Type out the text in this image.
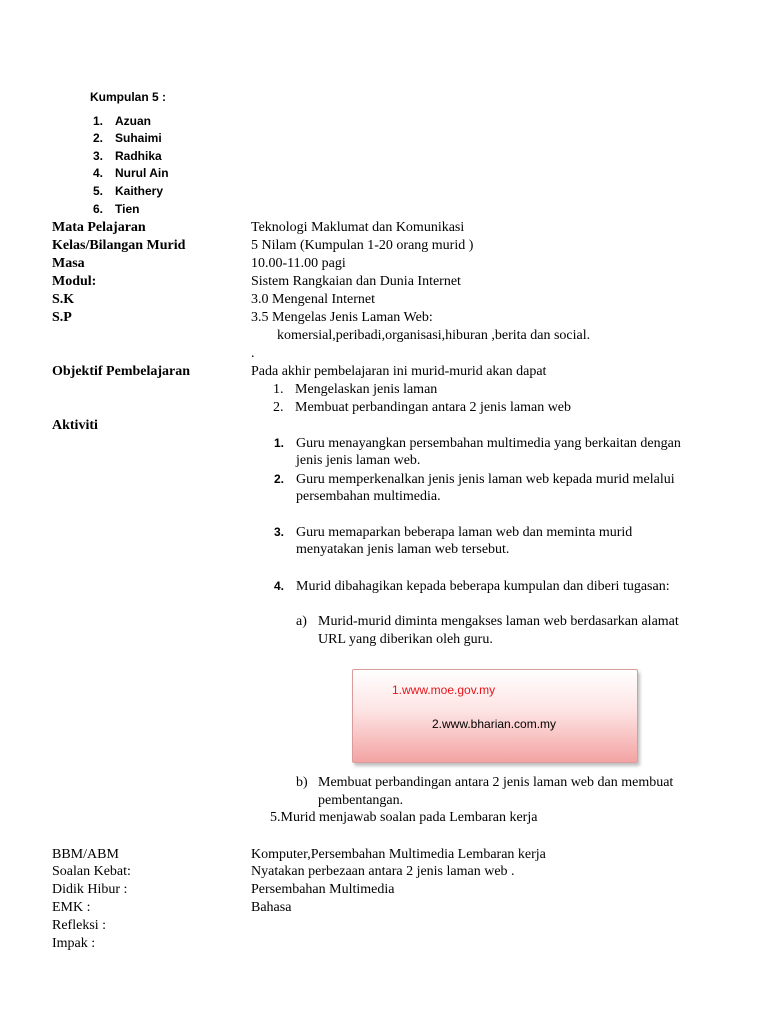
Kumpulan 5 :
1. Azuan
2. Suhaimi
3. Radhika
4. Nurul Ain
5. Kaithery
6. Tien
Mata Pelajaran	Teknologi Maklumat dan Komunikasi
Kelas/Bilangan Murid	5 Nilam (Kumpulan 1-20 orang murid )
Masa	10.00-11.00 pagi
Modul:	Sistem Rangkaian dan Dunia Internet
S.K	3.0 Mengenal Internet
S.P	3.5 Mengelas Jenis Laman Web:
komersial,peribadi,organisasi,hiburan ,berita dan social.
.
Objektif Pembelajaran	Pada akhir pembelajaran ini murid-murid akan dapat
1. Mengelaskan jenis laman
2. Membuat perbandingan antara 2 jenis laman web
Aktiviti
1. Guru menayangkan persembahan multimedia yang berkaitan dengan
jenis jenis laman web.
2. Guru memperkenalkan jenis jenis laman web kepada murid melalui
persembahan multimedia.
3. Guru memaparkan beberapa laman web dan meminta murid
menyatakan jenis laman web tersebut.
4. Murid dibahagikan kepada beberapa kumpulan dan diberi tugasan:
a) Murid-murid diminta mengakses laman web berdasarkan alamat
URL yang diberikan oleh guru.
1.www.moe.gov.my
2.www.bharian.com.my
b) Membuat perbandingan antara 2 jenis laman web dan membuat
pembentangan.
5.Murid menjawab soalan pada Lembaran kerja
BBM/ABM	Komputer,Persembahan Multimedia Lembaran kerja
Soalan Kebat:	Nyatakan perbezaan antara 2 jenis laman web .
Didik Hibur :	Persembahan Multimedia
EMK :	Bahasa
Refleksi :
Impak :
